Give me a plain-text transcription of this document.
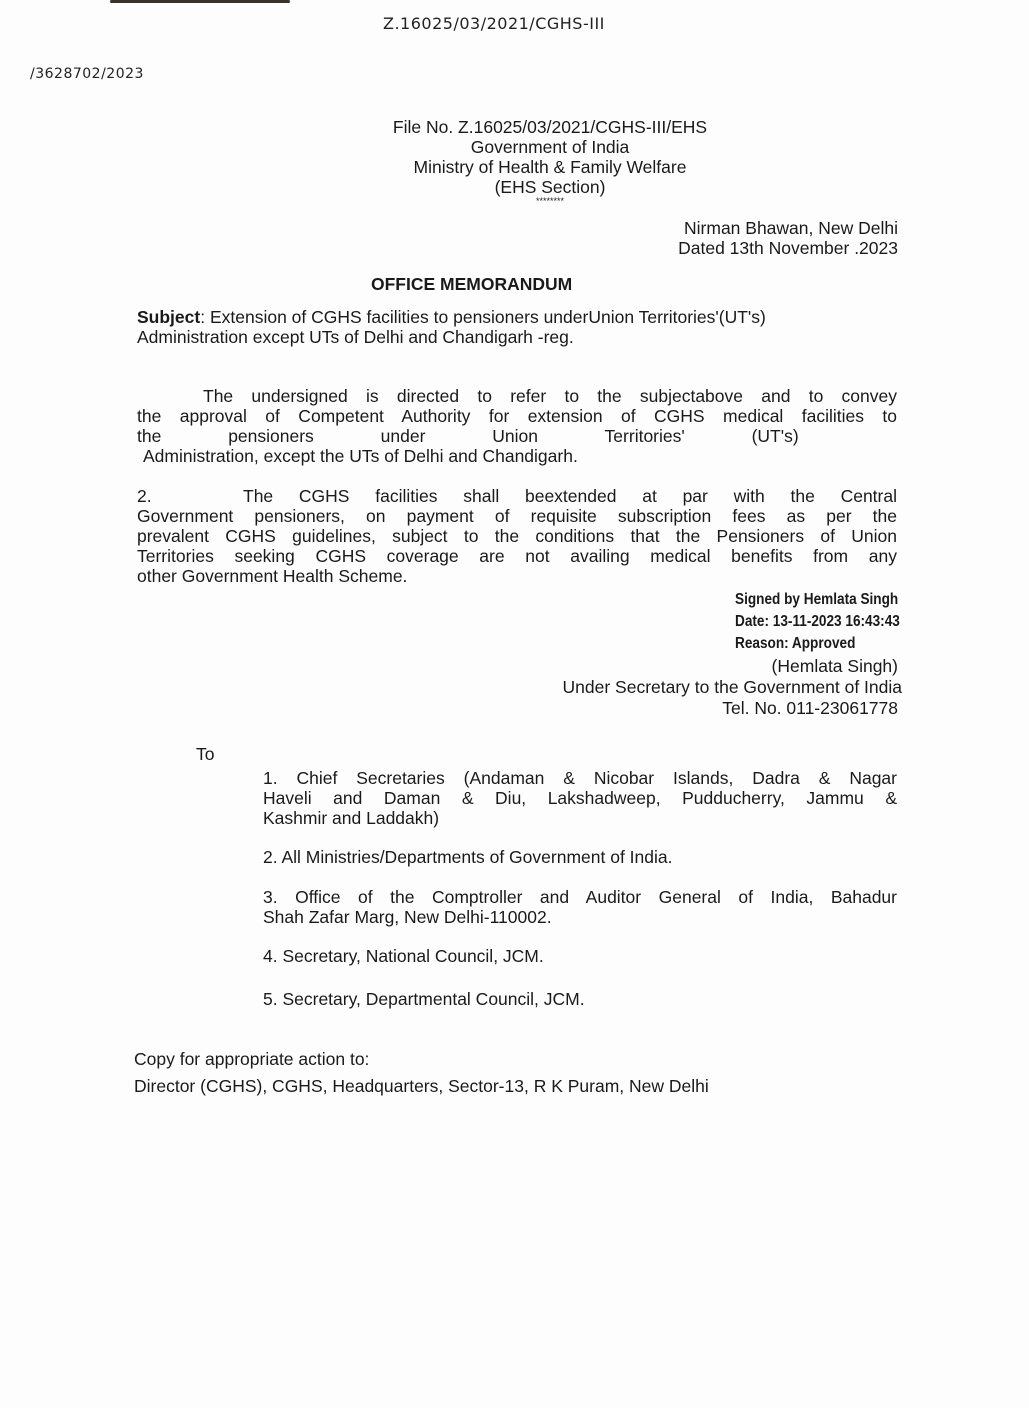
Z.16025/03/2021/CGHS-III
/3628702/2023
File No. Z.16025/03/2021/CGHS-III/EHS
Government of India
Ministry of Health & Family Welfare
(EHS Section)
********
Nirman Bhawan, New Delhi
Dated 13th November .2023
OFFICE MEMORANDUM
Subject: Extension of CGHS facilities to pensioners underUnion Territories'(UT's)
Administration except UTs of Delhi and Chandigarh -reg.
The undersigned is directed to refer to the subjectabove and to convey
the approval of Competent Authority for extension of CGHS medical facilities to
the pensioners under Union Territories' (UT's)
Administration, except the UTs of Delhi and Chandigarh.
2.	The CGHS facilities shall beextended at par with the Central
Government pensioners, on payment of requisite subscription fees as per the
prevalent CGHS guidelines, subject to the conditions that the Pensioners of Union
Territories seeking CGHS coverage are not availing medical benefits from any
other Government Health Scheme.
Signed by Hemlata Singh
Date: 13-11-2023 16:43:43
Reason: Approved
(Hemlata Singh)
Under Secretary to the Government of India
Tel. No. 011-23061778
To
1. Chief Secretaries (Andaman & Nicobar Islands, Dadra & Nagar
Haveli and Daman & Diu, Lakshadweep, Pudducherry, Jammu &
Kashmir and Laddakh)
2. All Ministries/Departments of Government of India.
3. Office of the Comptroller and Auditor General of India, Bahadur
Shah Zafar Marg, New Delhi-110002.
4. Secretary, National Council, JCM.
5. Secretary, Departmental Council, JCM.
Copy for appropriate action to:
Director (CGHS), CGHS, Headquarters, Sector-13, R K Puram, New Delhi
